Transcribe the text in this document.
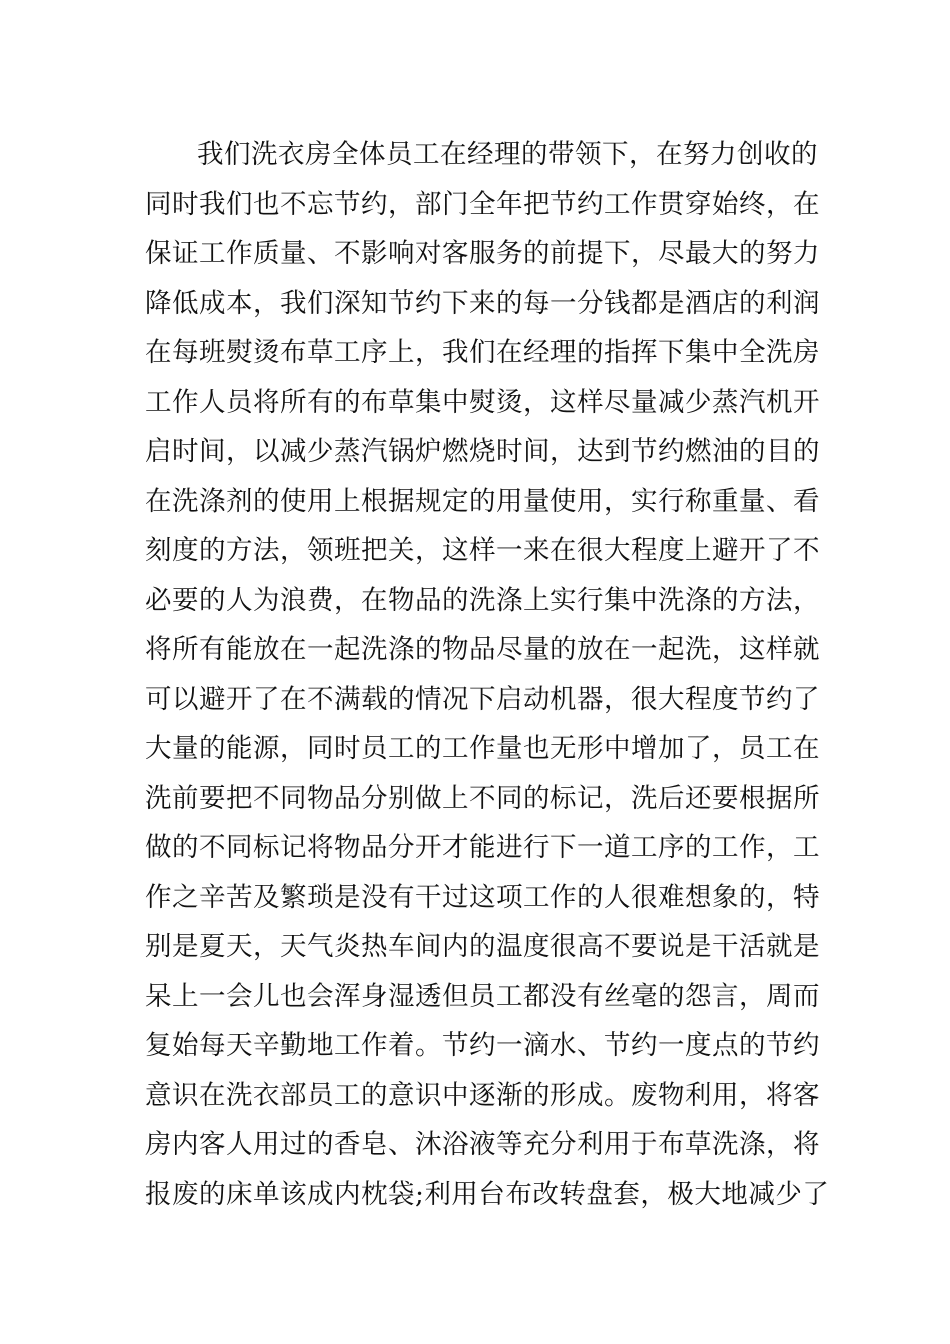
我们洗衣房全体员工在经理的带领下，在努力创收的
同时我们也不忘节约，部门全年把节约工作贯穿始终，在
保证工作质量、不影响对客服务的前提下，尽最大的努力
降低成本，我们深知节约下来的每一分钱都是酒店的利润
在每班熨烫布草工序上，我们在经理的指挥下集中全洗房
工作人员将所有的布草集中熨烫，这样尽量减少蒸汽机开
启时间，以减少蒸汽锅炉燃烧时间，达到节约燃油的目的
在洗涤剂的使用上根据规定的用量使用，实行称重量、看
刻度的方法，领班把关，这样一来在很大程度上避开了不
必要的人为浪费，在物品的洗涤上实行集中洗涤的方法，
将所有能放在一起洗涤的物品尽量的放在一起洗，这样就
可以避开了在不满载的情况下启动机器，很大程度节约了
大量的能源，同时员工的工作量也无形中增加了，员工在
洗前要把不同物品分别做上不同的标记，洗后还要根据所
做的不同标记将物品分开才能进行下一道工序的工作，工
作之辛苦及繁琐是没有干过这项工作的人很难想象的，特
别是夏天，天气炎热车间内的温度很高不要说是干活就是
呆上一会儿也会浑身湿透但员工都没有丝毫的怨言，周而
复始每天辛勤地工作着。节约一滴水、节约一度点的节约
意识在洗衣部员工的意识中逐渐的形成。废物利用，将客
房内客人用过的香皂、沐浴液等充分利用于布草洗涤，将
报废的床单该成内枕袋;利用台布改转盘套，极大地减少了
